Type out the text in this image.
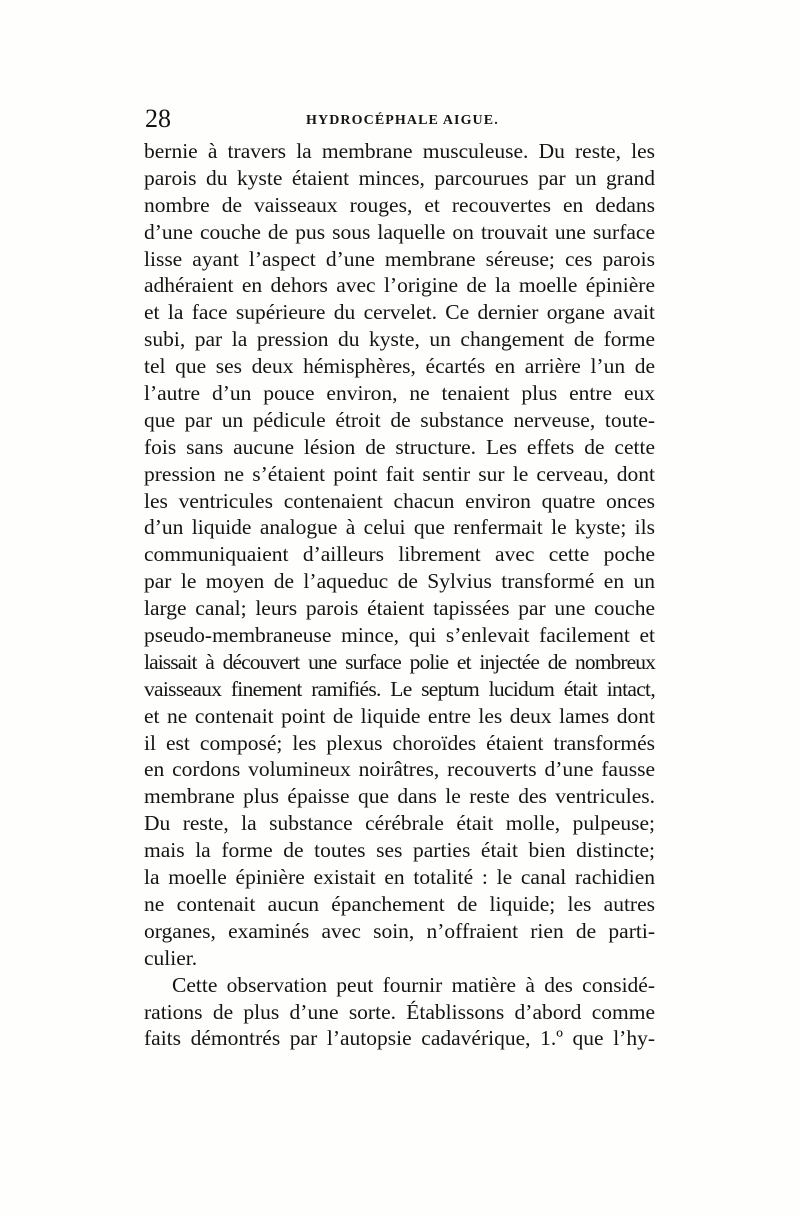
28	HYDROCÉPHALE AIGUE.
bernie à travers la membrane musculeuse. Du reste, les
parois du kyste étaient minces, parcourues par un grand
nombre de vaisseaux rouges, et recouvertes en dedans
d’une couche de pus sous laquelle on trouvait une surface
lisse ayant l’aspect d’une membrane séreuse; ces parois
adhéraient en dehors avec l’origine de la moelle épinière
et la face supérieure du cervelet. Ce dernier organe avait
subi, par la pression du kyste, un changement de forme
tel que ses deux hémisphères, écartés en arrière l’un de
l’autre d’un pouce environ, ne tenaient plus entre eux
que par un pédicule étroit de substance nerveuse, toute-
fois sans aucune lésion de structure. Les effets de cette
pression ne s’étaient point fait sentir sur le cerveau, dont
les ventricules contenaient chacun environ quatre onces
d’un liquide analogue à celui que renfermait le kyste; ils
communiquaient d’ailleurs librement avec cette poche
par le moyen de l’aqueduc de Sylvius transformé en un
large canal; leurs parois étaient tapissées par une couche
pseudo-membraneuse mince, qui s’enlevait facilement et
laissait à découvert une surface polie et injectée de nombreux
vaisseaux finement ramifiés. Le septum lucidum était intact,
et ne contenait point de liquide entre les deux lames dont
il est composé; les plexus choroïdes étaient transformés
en cordons volumineux noirâtres, recouverts d’une fausse
membrane plus épaisse que dans le reste des ventricules.
Du reste, la substance cérébrale était molle, pulpeuse;
mais la forme de toutes ses parties était bien distincte;
la moelle épinière existait en totalité : le canal rachidien
ne contenait aucun épanchement de liquide; les autres
organes, examinés avec soin, n’offraient rien de parti-
culier.
Cette observation peut fournir matière à des considé-
rations de plus d’une sorte. Établissons d’abord comme
faits démontrés par l’autopsie cadavérique, 1.º que l’hy-
